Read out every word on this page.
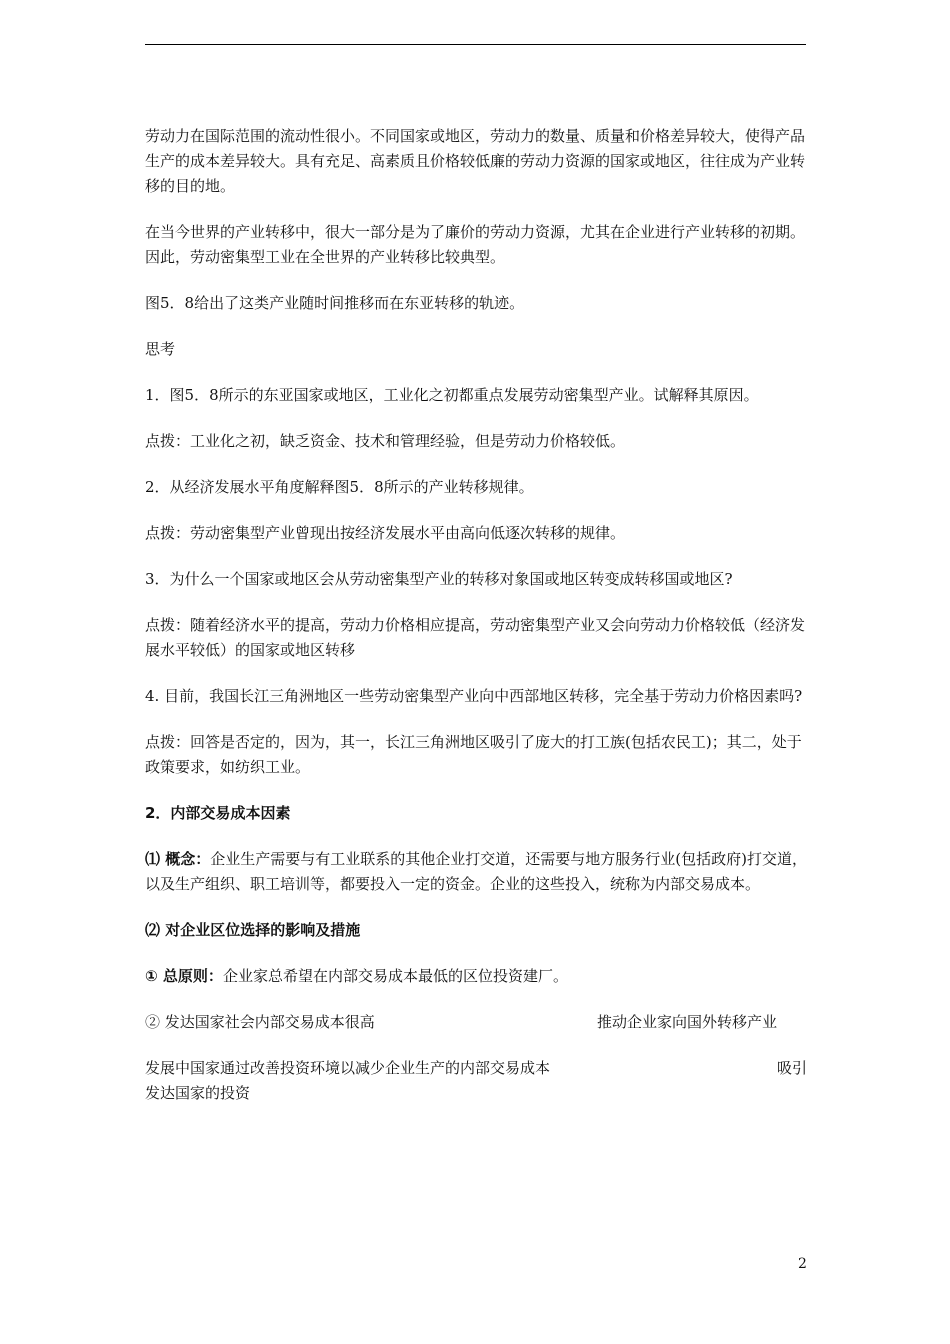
劳动力在国际范围的流动性很小。不同国家或地区，劳动力的数量、质量和价格差异较大，使得产品生产的成本差异较大。具有充足、高素质且价格较低廉的劳动力资源的国家或地区，往往成为产业转移的目的地。

在当今世界的产业转移中，很大一部分是为了廉价的劳动力资源，尤其在企业进行产业转移的初期。因此，劳动密集型工业在全世界的产业转移比较典型。

图5．8给出了这类产业随时间推移而在东亚转移的轨迹。

思考

1．图5．8所示的东亚国家或地区，工业化之初都重点发展劳动密集型产业。试解释其原因。

点拨：工业化之初，缺乏资金、技术和管理经验，但是劳动力价格较低。

2．从经济发展水平角度解释图5．8所示的产业转移规律。

点拨：劳动密集型产业曾现出按经济发展水平由高向低逐次转移的规律。

3．为什么一个国家或地区会从劳动密集型产业的转移对象国或地区转变成转移国或地区?

点拨：随着经济水平的提高，劳动力价格相应提高，劳动密集型产业又会向劳动力价格较低（经济发展水平较低）的国家或地区转移

4. 目前，我国长江三角洲地区一些劳动密集型产业向中西部地区转移，完全基于劳动力价格因素吗?

点拨：回答是否定的，因为，其一，长江三角洲地区吸引了庞大的打工族(包括农民工)；其二，处于政策要求，如纺织工业。

2．内部交易成本因素

⑴ 概念：企业生产需要与有工业联系的其他企业打交道，还需要与地方服务行业(包括政府)打交道，以及生产组织、职工培训等，都要投入一定的资金。企业的这些投入，统称为内部交易成本。

⑵ 对企业区位选择的影响及措施

① 总原则：企业家总希望在内部交易成本最低的区位投资建厂。

② 发达国家社会内部交易成本很高	推动企业家向国外转移产业
发展中国家通过改善投资环境以减少企业生产的内部交易成本	吸引
发达国家的投资
2
